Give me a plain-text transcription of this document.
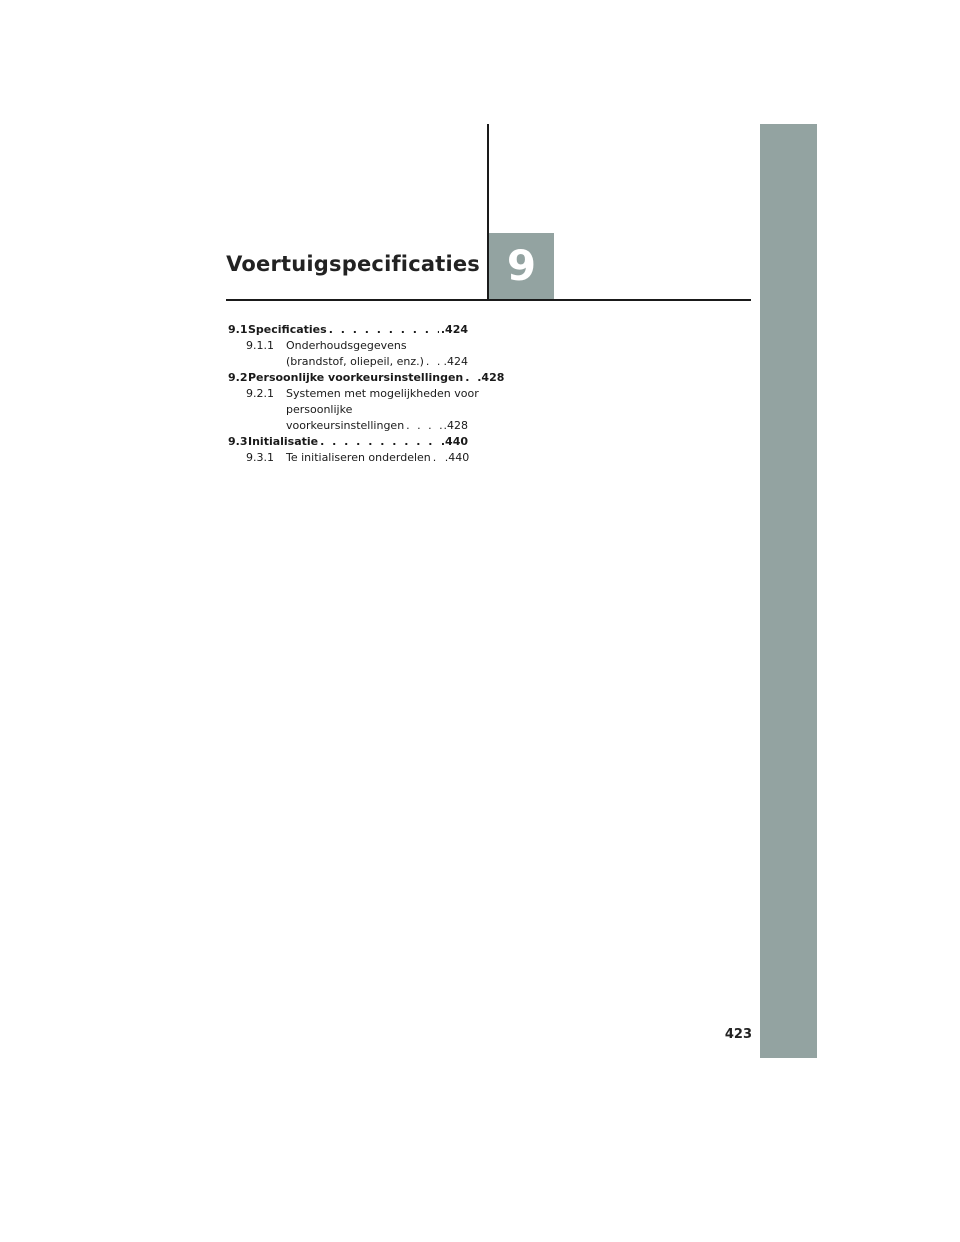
Voertuigspecificaties 9
9.1 Specificaties . . .	.424
9.1.1	Onderhoudsgegevens
(brandstof, oliepeil, enz.) . . . .424
9.2 Persoonlijke voorkeursinstellingen . . . .428
9.2.1	Systemen met mogelijkheden voor
persoonlijke
voorkeursinstellingen . . .	.428
9.3 Initialisatie . . .	.440
9.3.1	Te initialiseren onderdelen . . . .440
423
